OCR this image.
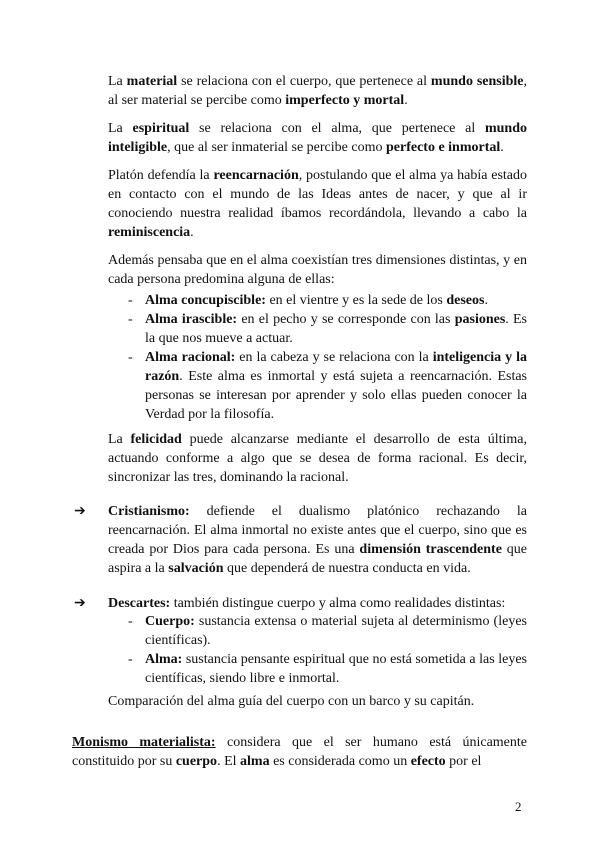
La material se relaciona con el cuerpo, que pertenece al mundo sensible, al ser material se percibe como imperfecto y mortal.
La espiritual se relaciona con el alma, que pertenece al mundo inteligible, que al ser inmaterial se percibe como perfecto e inmortal.
Platón defendía la reencarnación, postulando que el alma ya había estado en contacto con el mundo de las Ideas antes de nacer, y que al ir conociendo nuestra realidad íbamos recordándola, llevando a cabo la reminiscencia.
Además pensaba que en el alma coexistían tres dimensiones distintas, y en cada persona predomina alguna de ellas:
- Alma concupiscible: en el vientre y es la sede de los deseos.
- Alma irascible: en el pecho y se corresponde con las pasiones. Es la que nos mueve a actuar.
- Alma racional: en la cabeza y se relaciona con la inteligencia y la razón. Este alma es inmortal y está sujeta a reencarnación. Estas personas se interesan por aprender y solo ellas pueden conocer la Verdad por la filosofía.
La felicidad puede alcanzarse mediante el desarrollo de esta última, actuando conforme a algo que se desea de forma racional. Es decir, sincronizar las tres, dominando la racional.
➔ Cristianismo: defiende el dualismo platónico rechazando la reencarnación. El alma inmortal no existe antes que el cuerpo, sino que es creada por Dios para cada persona. Es una dimensión trascendente que aspira a la salvación que dependerá de nuestra conducta en vida.
➔ Descartes: también distingue cuerpo y alma como realidades distintas:
- Cuerpo: sustancia extensa o material sujeta al determinismo (leyes científicas).
- Alma: sustancia pensante espiritual que no está sometida a las leyes científicas, siendo libre e inmortal.
Comparación del alma guía del cuerpo con un barco y su capitán.
Monismo materialista: considera que el ser humano está únicamente constituido por su cuerpo. El alma es considerada como un efecto por el
2
